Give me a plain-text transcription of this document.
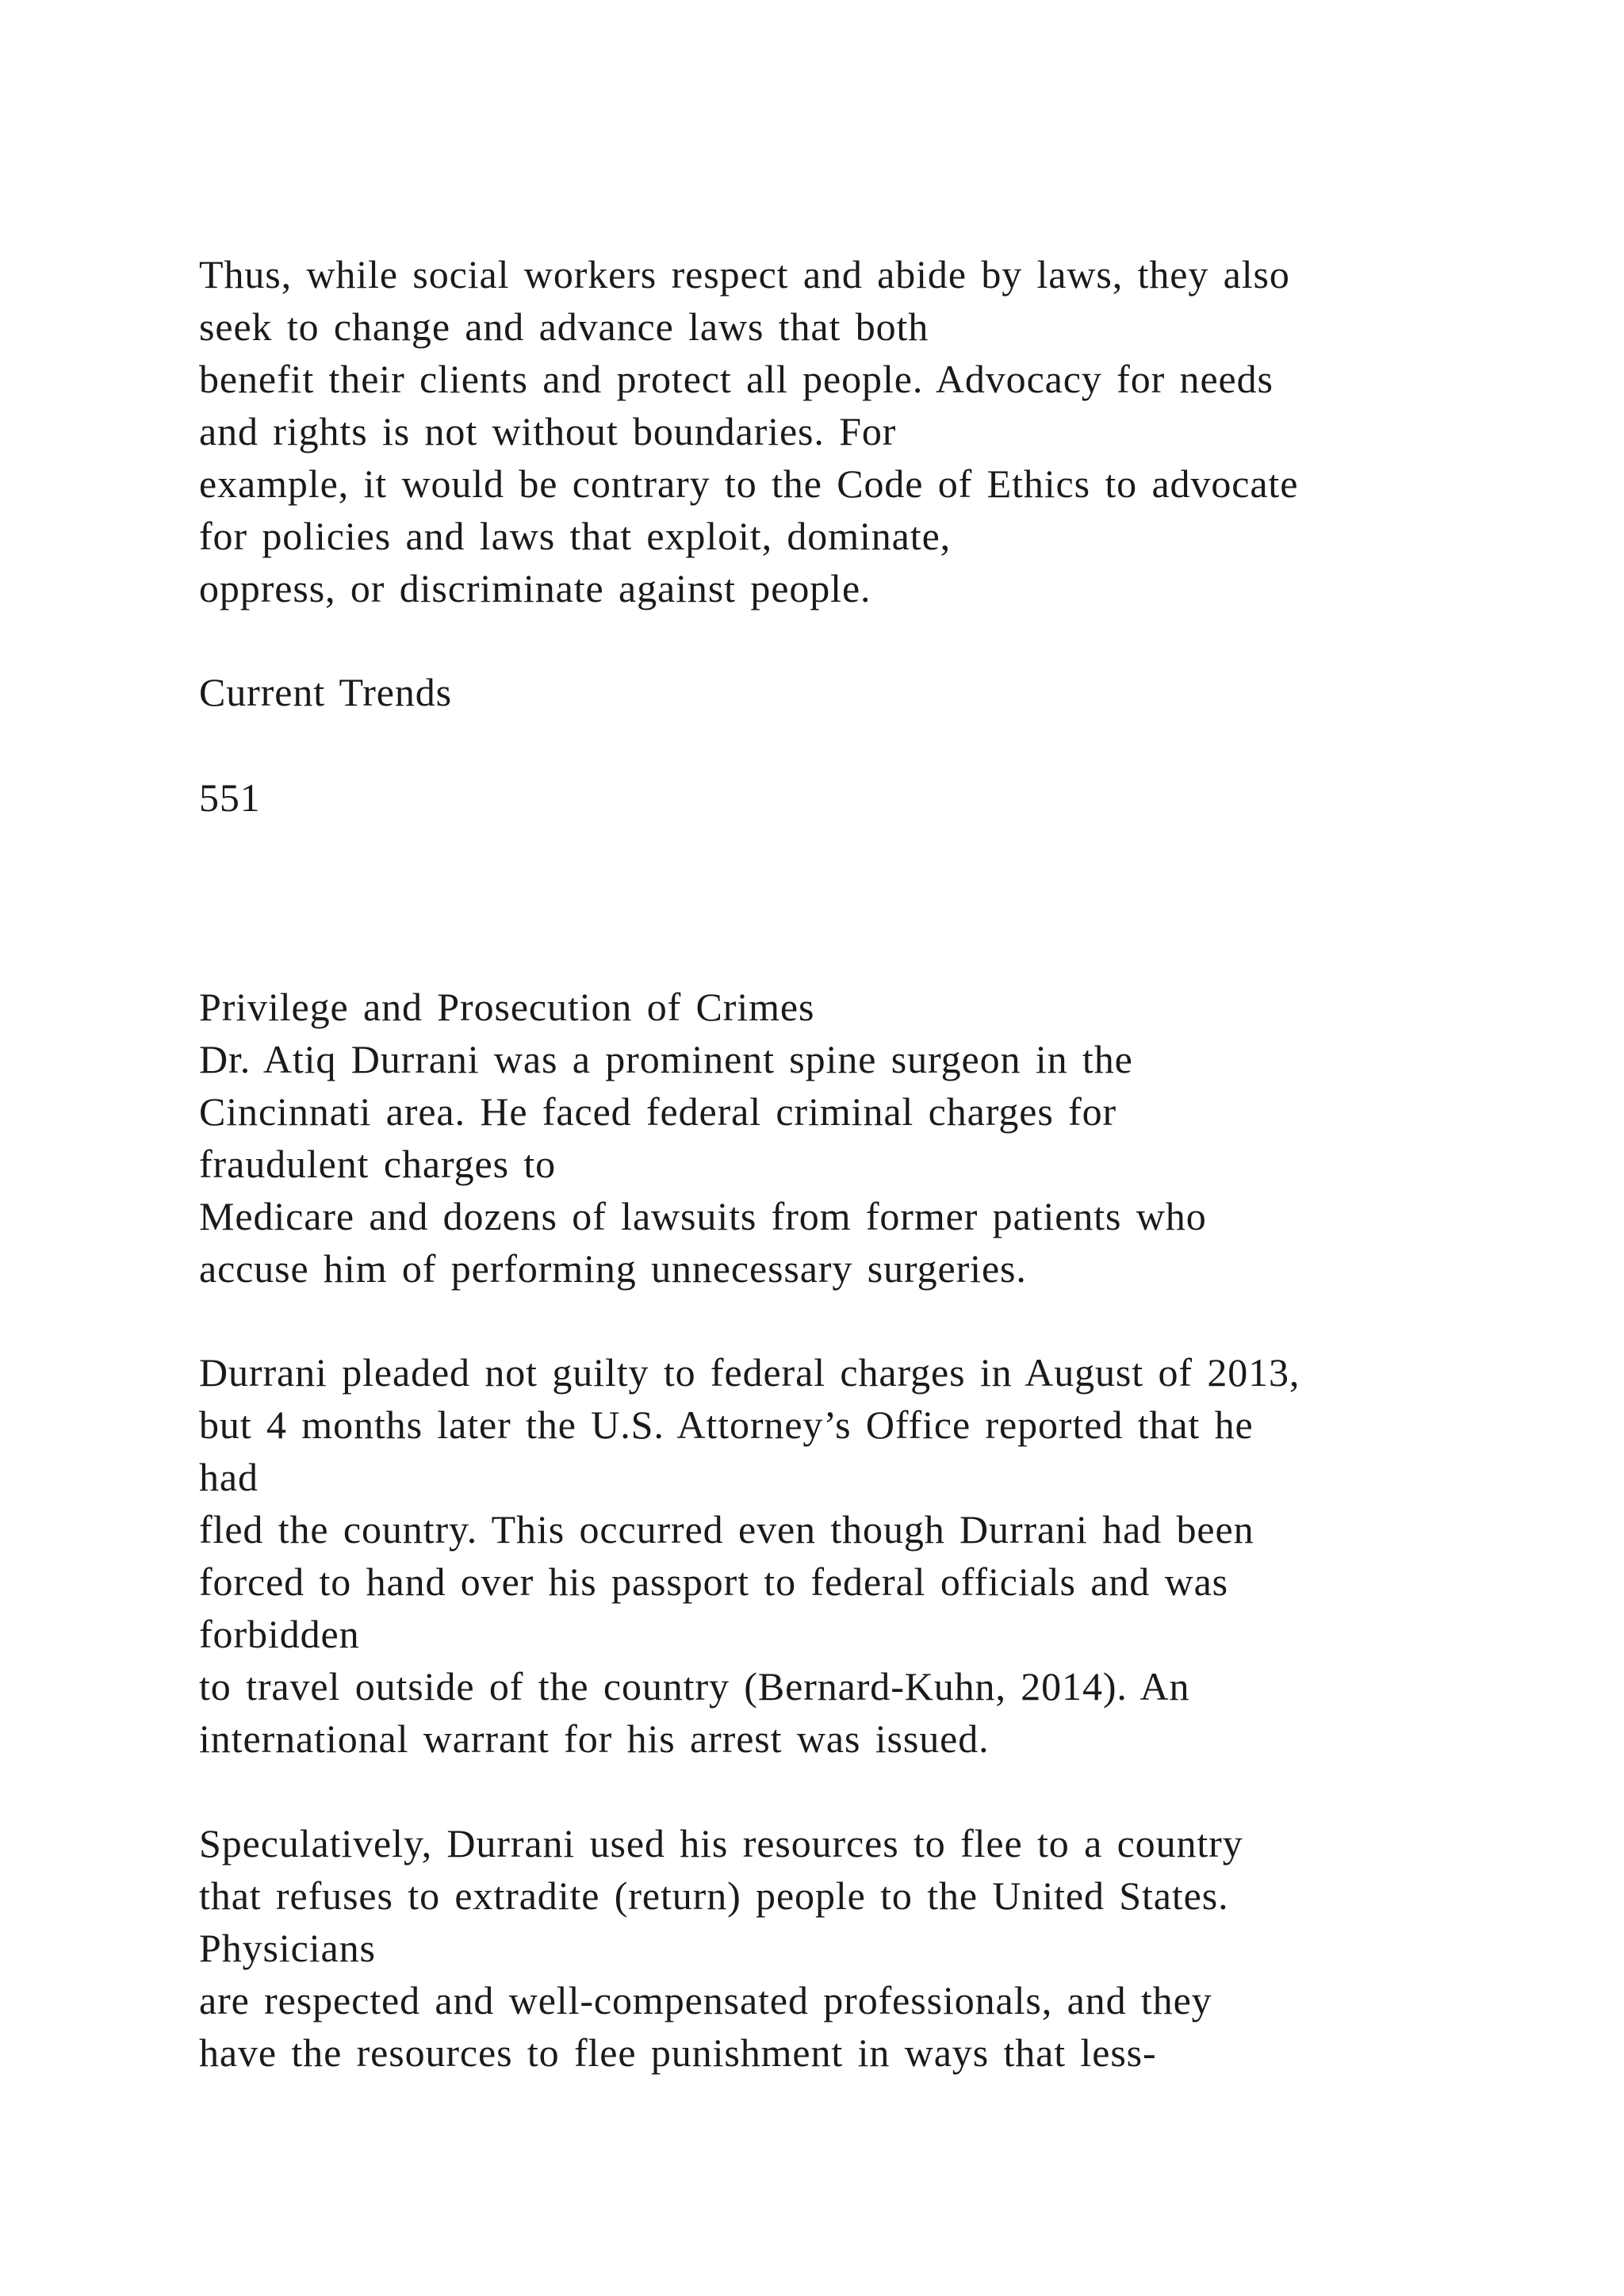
Thus, while social workers respect and abide by laws, they also
seek to change and advance laws that both
benefit their clients and protect all people. Advocacy for needs
and rights is not without boundaries. For
example, it would be contrary to the Code of Ethics to advocate
for policies and laws that exploit, dominate,
oppress, or discriminate against people.
Current Trends
551
Privilege and Prosecution of Crimes
Dr. Atiq Durrani was a prominent spine surgeon in the
Cincinnati area. He faced federal criminal charges for
fraudulent charges to
Medicare and dozens of lawsuits from former patients who
accuse him of performing unnecessary surgeries.
Durrani pleaded not guilty to federal charges in August of 2013,
but 4 months later the U.S. Attorney’s Office reported that he
had
fled the country. This occurred even though Durrani had been
forced to hand over his passport to federal officials and was
forbidden
to travel outside of the country (Bernard-Kuhn, 2014). An
international warrant for his arrest was issued.
Speculatively, Durrani used his resources to flee to a country
that refuses to extradite (return) people to the United States.
Physicians
are respected and well-compensated professionals, and they
have the resources to flee punishment in ways that less-
